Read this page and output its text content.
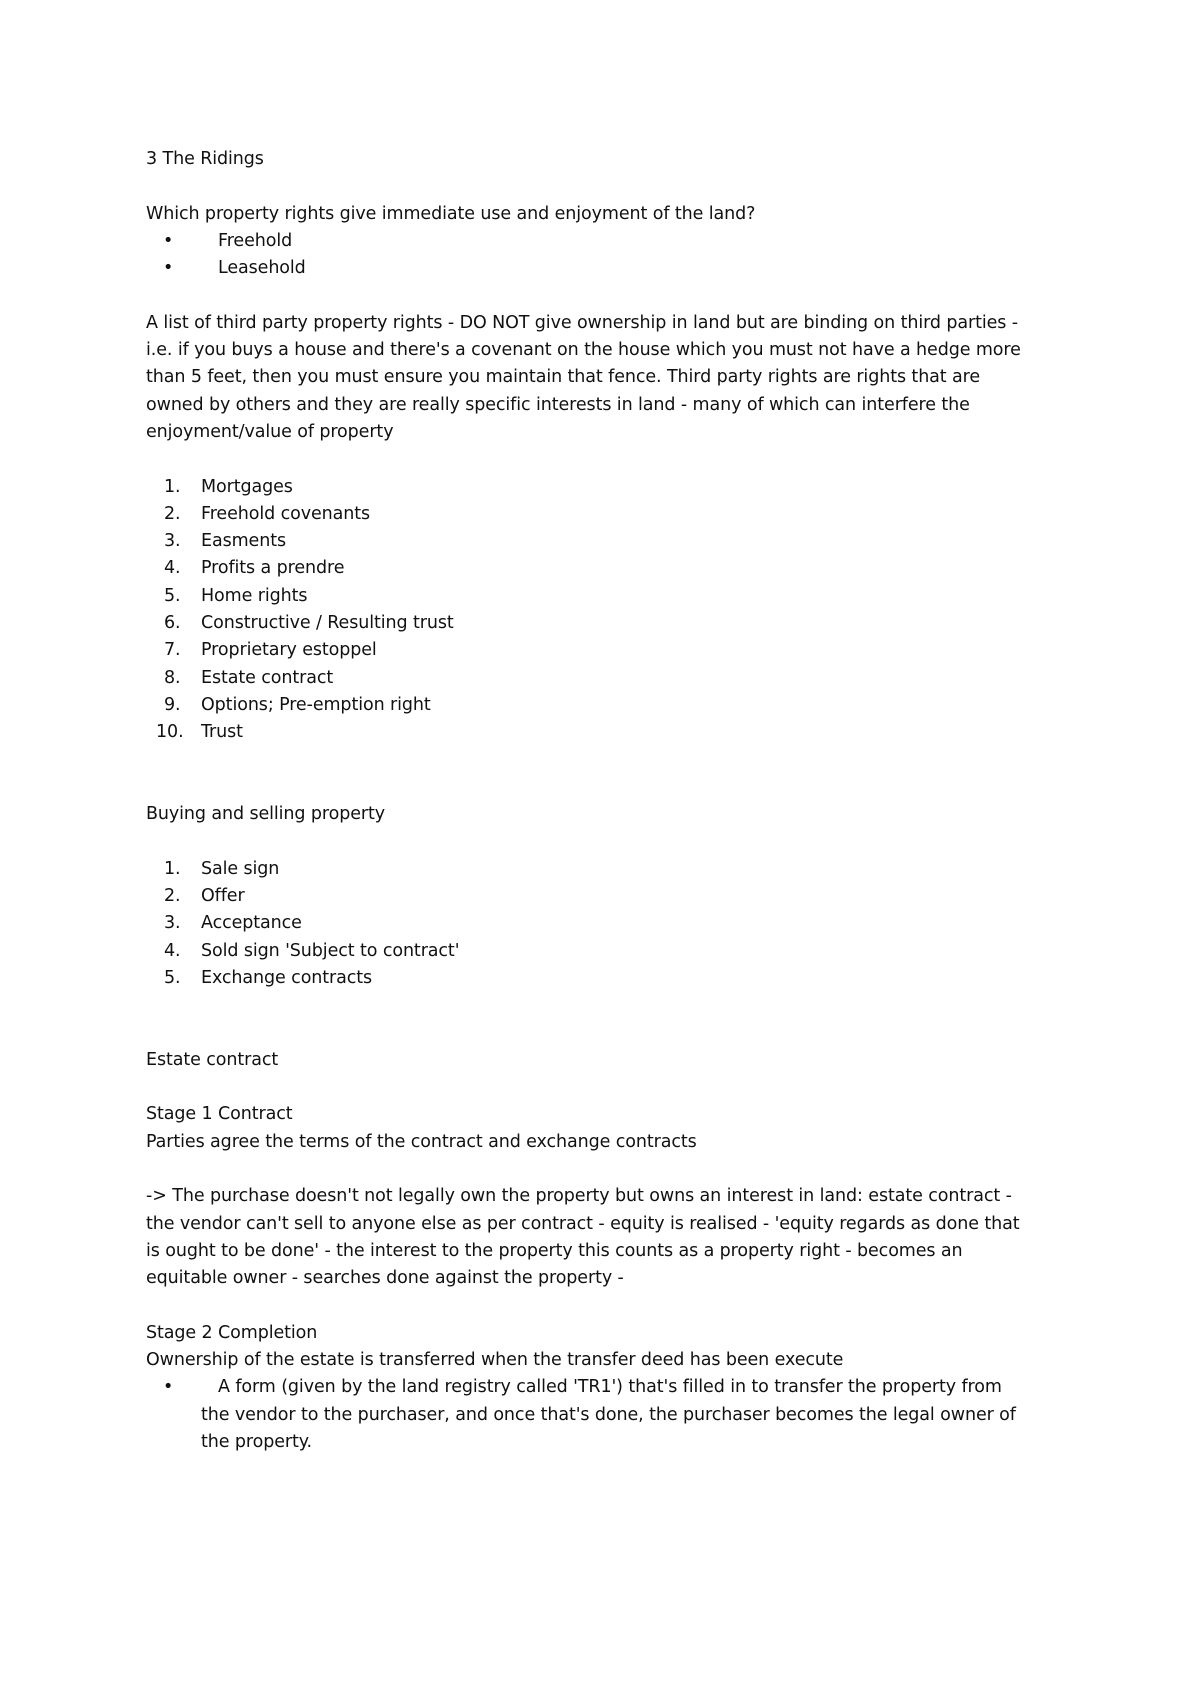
3 The Ridings

Which property rights give immediate use and enjoyment of the land?

•	Freehold
•	Leasehold

A list of third party property rights - DO NOT give ownership in land but are binding on third parties -

i.e. if you buys a house and there's a covenant on the house which you must not have a hedge more

than 5 feet, then you must ensure you maintain that fence. Third party rights are rights that are

owned by others and they are really specific interests in land - many of which can interfere the

enjoyment/value of property

1. Mortgages
2. Freehold covenants
3. Easments
4. Profits a prendre
5. Home rights
6. Constructive / Resulting trust
7. Proprietary estoppel
8. Estate contract
9. Options; Pre-emption right
10. Trust

Buying and selling property

1. Sale sign
2. Offer
3. Acceptance
4. Sold sign 'Subject to contract'
5. Exchange contracts

Estate contract

Stage 1 Contract

Parties agree the terms of the contract and exchange contracts

-> The purchase doesn't not legally own the property but owns an interest in land: estate contract -

the vendor can't sell to anyone else as per contract - equity is realised - 'equity regards as done that

is ought to be done' - the interest to the property this counts as a property right - becomes an

equitable owner - searches done against the property -

Stage 2 Completion

Ownership of the estate is transferred when the transfer deed has been execute

•	A form (given by the land registry called 'TR1') that's filled in to transfer the property from

the vendor to the purchaser, and once that's done, the purchaser becomes the legal owner of

the property.
